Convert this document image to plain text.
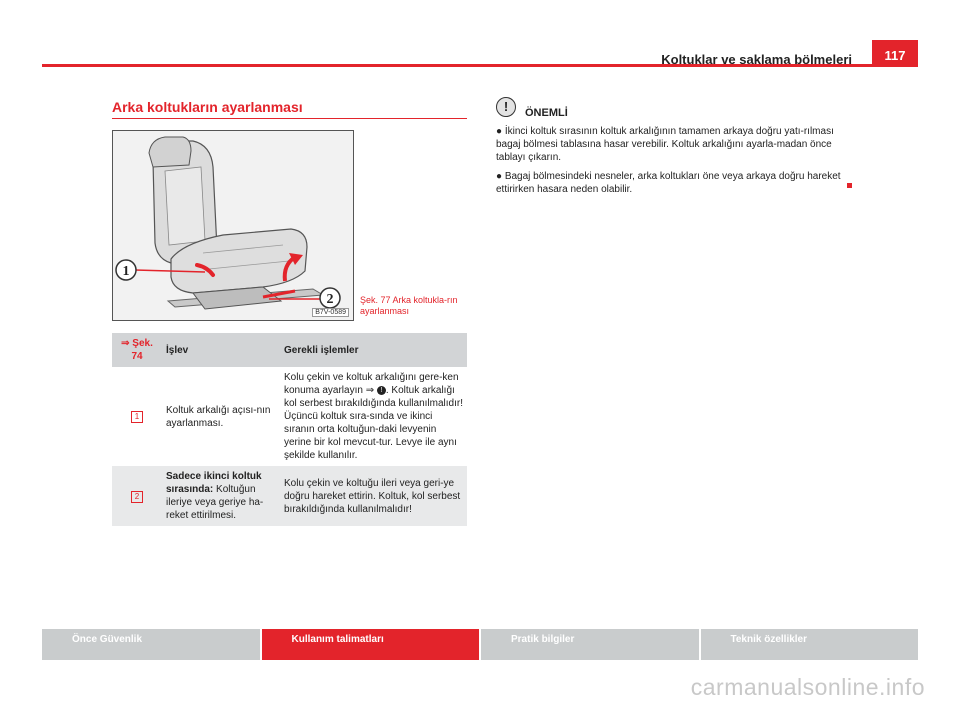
Koltuklar ve saklama bölmeleri	117
Arka koltukların ayarlanması
1
2
B7V-0589
Şek. 77 Arka koltukla-rın ayarlanması
⇒ Şek. 74	İşlev	Gerekli işlemler
1	Koltuk arkalığı açısı-nın ayarlanması.	Kolu çekin ve koltuk arkalığını gere-ken konuma ayarlayın ⇒ ! . Koltuk arkalığı kol serbest bırakıldığında kullanılmalıdır! Üçüncü koltuk sıra-sında ve ikinci sıranın orta koltuğun-daki levyenin yerine bir kol mevcut-tur. Levye ile aynı şekilde kullanılır.
2	Sadece ikinci koltuk sırasında: Koltuğun ileriye veya geriye ha-reket ettirilmesi.	Kolu çekin ve koltuğu ileri veya geri-ye doğru hareket ettirin. Koltuk, kol serbest bırakıldığında kullanılmalıdır!
!	ÖNEMLİ

● İkinci koltuk sırasının koltuk arkalığının tamamen arkaya doğru yatı-rılması bagaj bölmesi tablasına hasar verebilir. Koltuk arkalığını ayarla-madan önce tablayı çıkarın.

● Bagaj bölmesindeki nesneler, arka koltukları öne veya arkaya doğru hareket ettirirken hasara neden olabilir.

Önce Güvenlik	Kullanım talimatları	Pratik bilgiler	Teknik özellikler
carmanualsonline.info
